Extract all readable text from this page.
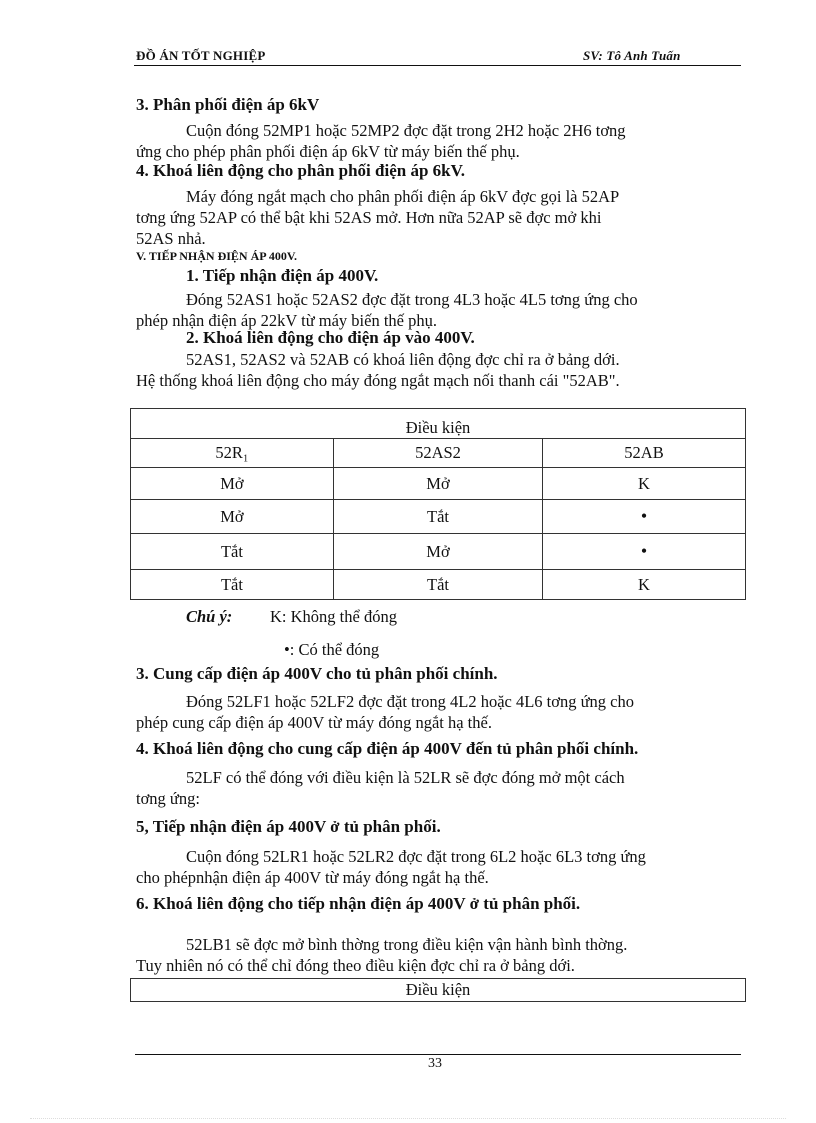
ĐỒ ÁN TỐT NGHIỆP	SV: Tô Anh Tuấn
3. Phân phối điện áp 6kV
Cuộn đóng 52MP1 hoặc 52MP2 đợc đặt trong 2H2 hoặc 2H6 tơng
ứng cho phép phân phối điện áp 6kV từ máy biến thế phụ.
4. Khoá liên động cho phân phối điện áp 6kV.
Máy đóng ngắt mạch cho phân phối điện áp 6kV đợc gọi là 52AP
tơng ứng 52AP có thể bật khi 52AS mở. Hơn nữa 52AP sẽ đợc mở khi
52AS nhả.
V. TIẾP NHẬN ĐIỆN ÁP 400V.
1. Tiếp nhận điện áp 400V.
Đóng 52AS1 hoặc 52AS2 đợc đặt trong 4L3 hoặc 4L5 tơng ứng cho
phép nhận điện áp 22kV từ máy biến thế phụ.
2. Khoá liên động cho điện áp vào 400V.
52AS1, 52AS2 và 52AB có khoá liên động đợc chỉ ra ở bảng dới.
Hệ thống khoá liên động cho máy đóng ngắt mạch nối thanh cái "52AB".
Điều kiện		
52R₁	52AS2	52AB
Mở	Mở	K
Mở	Tắt	•
Tắt	Mở	•
Tắt	Tắt	K
Chú ý: K: Không thể đóng
•: Có thể đóng
3. Cung cấp điện áp 400V cho tủ phân phối chính.
Đóng 52LF1 hoặc 52LF2 đợc đặt trong 4L2 hoặc 4L6 tơng ứng cho
phép cung cấp điện áp 400V từ máy đóng ngắt hạ thế.
4. Khoá liên động cho cung cấp điện áp 400V đến tủ phân phối chính.
52LF có thể đóng với điều kiện là 52LR sẽ đợc đóng mở một cách
tơng ứng:
5, Tiếp nhận điện áp 400V ở tủ phân phối.
Cuộn đóng 52LR1 hoặc 52LR2 đợc đặt trong 6L2 hoặc 6L3 tơng ứng
cho phépnhận điện áp 400V từ máy đóng ngắt hạ thế.
6. Khoá liên động cho tiếp nhận điện áp 400V ở tủ phân phối.
52LB1 sẽ đợc mở bình thờng trong điều kiện vận hành bình thờng.
Tuy nhiên nó có thể chỉ đóng theo điều kiện đợc chỉ ra ở bảng dới.
Điều kiện
33
